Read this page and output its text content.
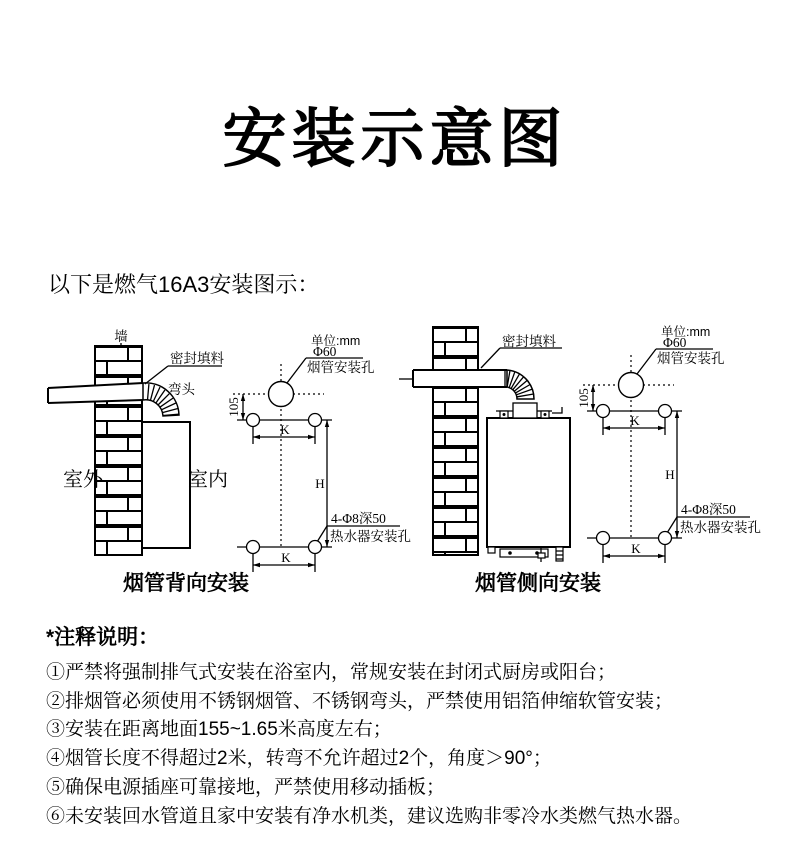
安装示意图
以下是燃气16A3安装图示：
墙
密封填料
弯头
室外	室内
烟管背向安装
单位:mm
Φ60
烟管安装孔
105
K
H
4-Φ8深50
热水器安装孔
K
密封填料
烟管侧向安装
*注释说明：
①严禁将强制排气式安装在浴室内，常规安装在封闭式厨房或阳台；
②排烟管必须使用不锈钢烟管、不锈钢弯头，严禁使用铝箔伸缩软管安装；
③安装在距离地面155~1.65米高度左右；
④烟管长度不得超过2米，转弯不允许超过2个，角度＞90°；
⑤确保电源插座可靠接地，严禁使用移动插板；
⑥未安装回水管道且家中安装有净水机类，建议选购非零冷水类燃气热水器。
